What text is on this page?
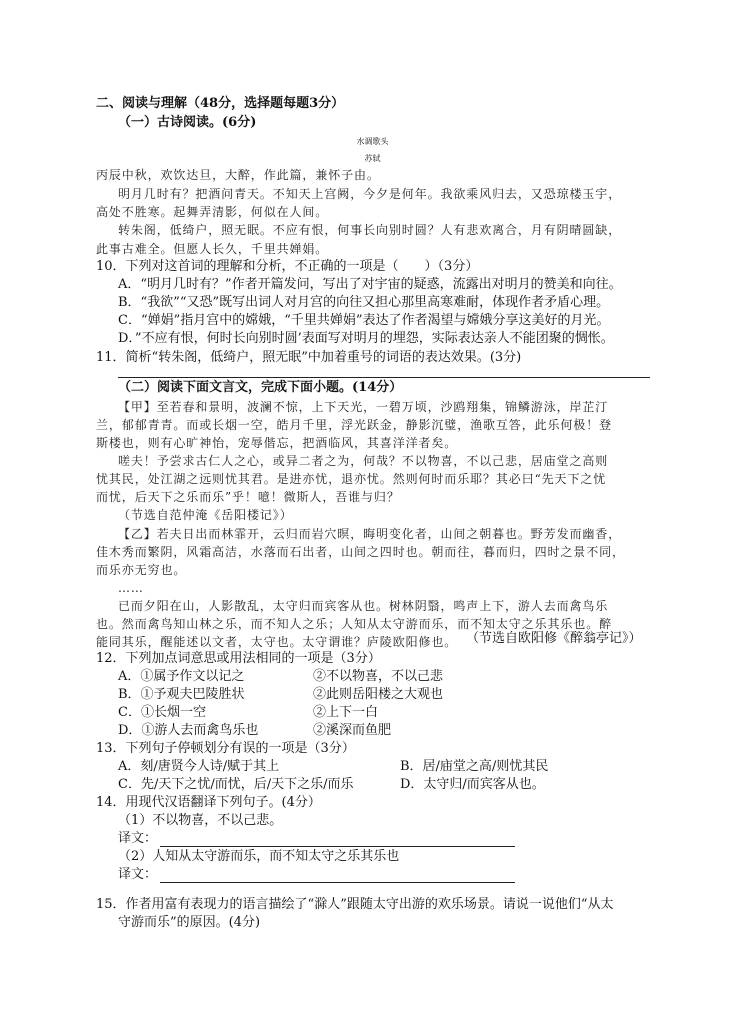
二、阅读与理解（48分，选择题每题3分）
（一）古诗阅读。(6分)
水调歌头
苏轼
丙辰中秋，欢饮达旦，大醉，作此篇，兼怀子由。
明月几时有？把酒问青天。不知天上宫阙，今夕是何年。我欲乘风归去，又恐琼楼玉宇，
高处不胜寒。起舞弄清影，何似在人间。
转朱阁，低绮户，照无眠。不应有恨，何事长向别时圆？人有悲欢离合，月有阴晴圆缺，
此事古难全。但愿人长久，千里共婵娟。
10．下列对这首词的理解和分析，不正确的一项是（　　）（3分）
A．“明月几时有？”作者开篇发问，写出了对宇宙的疑惑，流露出对明月的赞美和向往。
B．“我欲”“又恐”既写出词人对月宫的向往又担心那里高寒难耐，体现作者矛盾心理。
C．“婵娟”指月宫中的嫦娥，“千里共婵娟”表达了作者渴望与嫦娥分享这美好的月光。
D．”不应有恨，何时长向别时圆’表面写对明月的埋怨，实际表达亲人不能团聚的惆怅。
11．简析“转朱阁，低绮户，照无眠”中加着重号的词语的表达效果。(3分)
（二）阅读下面文言文，完成下面小题。(14分）
【甲】至若春和景明，波澜不惊，上下天光，一碧万顷，沙鸥翔集，锦鳞游泳，岸芷汀
兰，郁郁青青。而或长烟一空，皓月千里，浮光跃金，静影沉璧，渔歌互答，此乐何极！登
斯楼也，则有心旷神怡，宠辱偕忘，把酒临风，其喜洋洋者矣。
嗟夫！予尝求古仁人之心，或异二者之为，何哉？不以物喜，不以己悲，居庙堂之高则
忧其民，处江湖之远则忧其君。是进亦忧，退亦忧。然则何时而乐耶？其必曰“先天下之忧
而忧，后天下之乐而乐”乎！噫！微斯人，吾谁与归？
（节选自范仲淹《岳阳楼记》）
【乙】若夫日出而林霏开，云归而岩穴暝，晦明变化者，山间之朝暮也。野芳发而幽香，
佳木秀而繁阴，风霜高洁，水落而石出者，山间之四时也。朝而往，暮而归，四时之景不同，
而乐亦无穷也。
……
已而夕阳在山，人影散乱，太守归而宾客从也。树林阴翳，鸣声上下，游人去而禽鸟乐
也。然而禽鸟知山林之乐，而不知人之乐；人知从太守游而乐，而不知太守之乐其乐也。醉
能同其乐，醒能述以文者，太守也。太守谓谁？庐陵欧阳修也。 （节选自欧阳修《醉翁亭记》）
12．下列加点词意思或用法相同的一项是（3分）
A．①属予作文以记之	②不以物喜，不以己悲
B．①予观夫巴陵胜状	②此则岳阳楼之大观也
C．①长烟一空	②上下一白
D．①游人去而禽鸟乐也	②溪深而鱼肥
13．下列句子停顿划分有误的一项是（3分）
A．刻/唐贤今人诗/赋于其上	B．居/庙堂之高/则忧其民
C．先/天下之忧/而忧，后/天下之乐/而乐	D．太守归/而宾客从也。
14．用现代汉语翻译下列句子。(4分）
（1）不以物喜，不以己悲。
译文：
（2）人知从太守游而乐，而不知太守之乐其乐也
译文：
15．作者用富有表现力的语言描绘了“滁人”跟随太守出游的欢乐场景。请说一说他们“从太
守游而乐”的原因。(4分)
